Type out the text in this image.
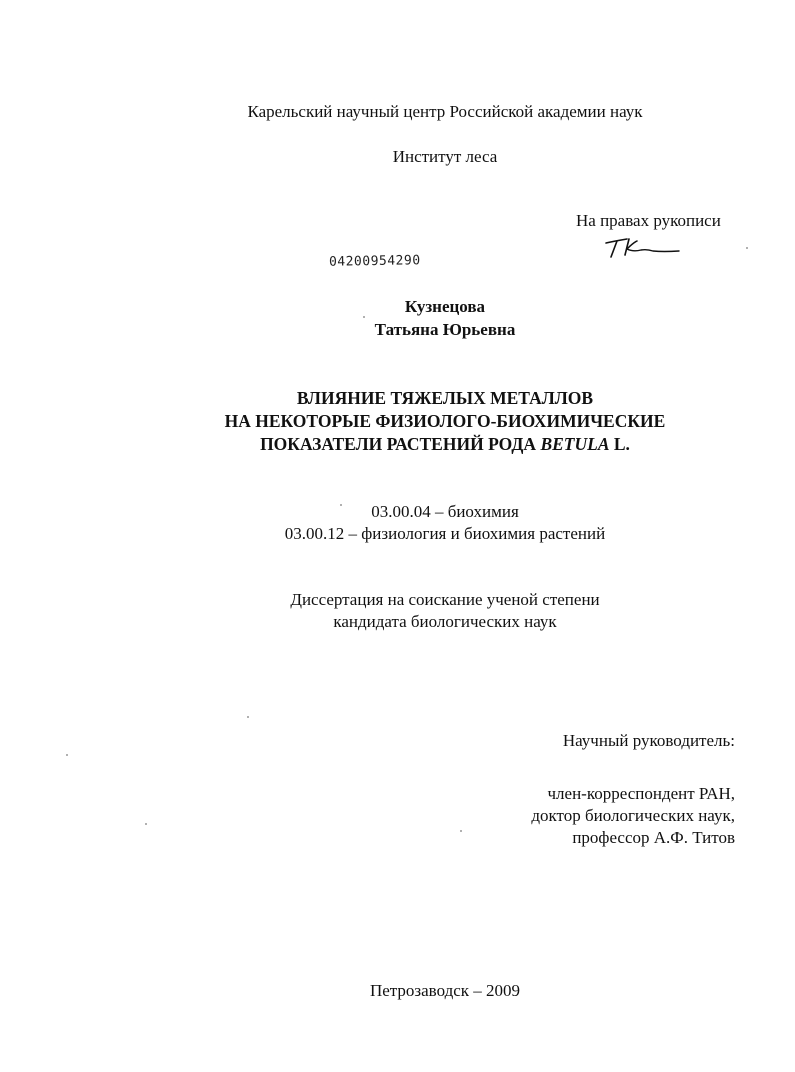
Карельский научный центр Российской академии наук
Институт леса
На правах рукописи
04200954290
Кузнецова
Татьяна Юрьевна
ВЛИЯНИЕ ТЯЖЕЛЫХ МЕТАЛЛОВ
НА НЕКОТОРЫЕ ФИЗИОЛОГО-БИОХИМИЧЕСКИЕ
ПОКАЗАТЕЛИ РАСТЕНИЙ РОДА BETULA L.
03.00.04 – биохимия
03.00.12 – физиология и биохимия растений
Диссертация на соискание ученой степени
кандидата биологических наук
Научный руководитель:
член-корреспондент РАН,
доктор биологических наук,
профессор А.Ф. Титов
Петрозаводск – 2009
